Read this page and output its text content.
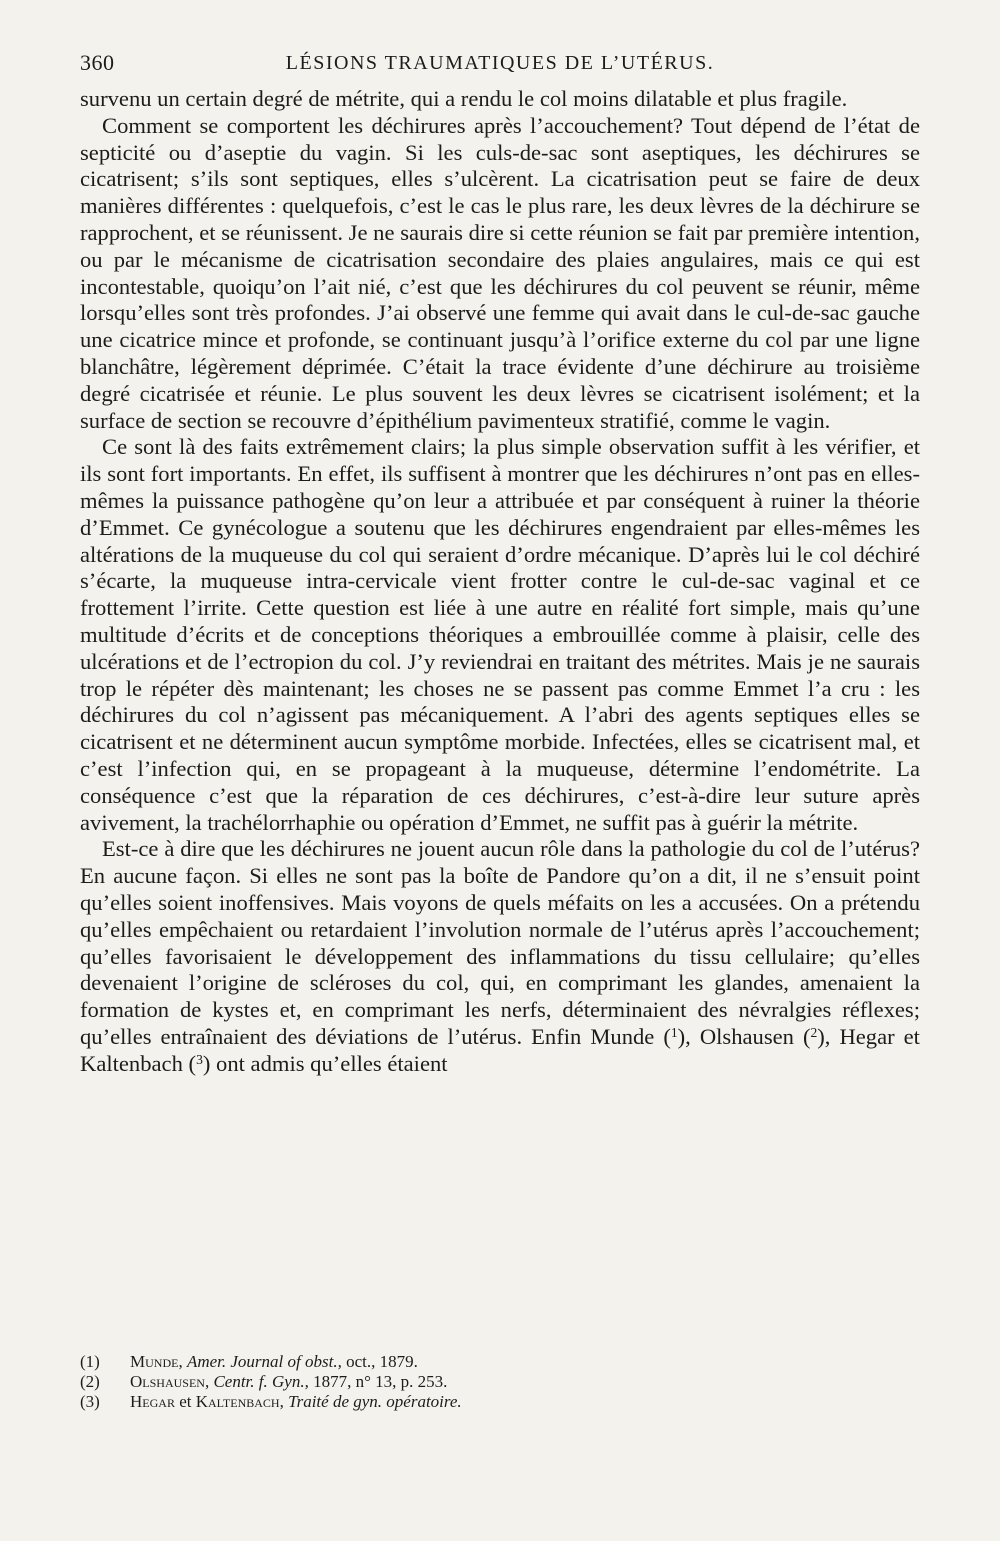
360	LÉSIONS TRAUMATIQUES DE L’UTÉRUS.

survenu un certain degré de métrite, qui a rendu le col moins dilatable et plus fragile.

Comment se comportent les déchirures après l’accouchement? Tout dépend de l’état de septicité ou d’aseptie du vagin. Si les culs-de-sac sont aseptiques, les déchirures se cicatrisent; s’ils sont septiques, elles s’ulcèrent. La cicatrisation peut se faire de deux manières différentes : quelquefois, c’est le cas le plus rare, les deux lèvres de la déchirure se rapprochent, et se réunissent. Je ne saurais dire si cette réunion se fait par première intention, ou par le mécanisme de cicatrisation secondaire des plaies angulaires, mais ce qui est incontestable, quoiqu’on l’ait nié, c’est que les déchirures du col peuvent se réunir, même lorsqu’elles sont très profondes. J’ai observé une femme qui avait dans le cul-de-sac gauche une cicatrice mince et profonde, se continuant jusqu’à l’orifice externe du col par une ligne blanchâtre, légèrement déprimée. C’était la trace évidente d’une déchirure au troisième degré cicatrisée et réunie. Le plus souvent les deux lèvres se cicatrisent isolément; et la surface de section se recouvre d’épithélium pavimenteux stratifié, comme le vagin.

Ce sont là des faits extrêmement clairs; la plus simple observation suffit à les vérifier, et ils sont fort importants. En effet, ils suffisent à montrer que les déchirures n’ont pas en elles-mêmes la puissance pathogène qu’on leur a attribuée et par conséquent à ruiner la théorie d’Emmet. Ce gynécologue a soutenu que les déchirures engendraient par elles-mêmes les altérations de la muqueuse du col qui seraient d’ordre mécanique. D’après lui le col déchiré s’écarte, la muqueuse intra-cervicale vient frotter contre le cul-de-sac vaginal et ce frottement l’irrite. Cette question est liée à une autre en réalité fort simple, mais qu’une multitude d’écrits et de conceptions théoriques a embrouillée comme à plaisir, celle des ulcérations et de l’ectropion du col. J’y reviendrai en traitant des métrites. Mais je ne saurais trop le répéter dès maintenant; les choses ne se passent pas comme Emmet l’a cru : les déchirures du col n’agissent pas mécaniquement. A l’abri des agents septiques elles se cicatrisent et ne déterminent aucun symptôme morbide. Infectées, elles se cicatrisent mal, et c’est l’infection qui, en se propageant à la muqueuse, détermine l’endométrite. La conséquence c’est que la réparation de ces déchirures, c’est-à-dire leur suture après avivement, la trachélorrhaphie ou opération d’Emmet, ne suffit pas à guérir la métrite.

Est-ce à dire que les déchirures ne jouent aucun rôle dans la pathologie du col de l’utérus? En aucune façon. Si elles ne sont pas la boîte de Pandore qu’on a dit, il ne s’ensuit point qu’elles soient inoffensives. Mais voyons de quels méfaits on les a accusées. On a prétendu qu’elles empêchaient ou retardaient l’involution normale de l’utérus après l’accouchement; qu’elles favorisaient le développement des inflammations du tissu cellulaire; qu’elles devenaient l’origine de scléroses du col, qui, en comprimant les glandes, amenaient la formation de kystes et, en comprimant les nerfs, déterminaient des névralgies réflexes; qu’elles entraînaient des déviations de l’utérus. Enfin Munde ($^1$), Olshausen ($^2$), Hegar et Kaltenbach ($^3$) ont admis qu’elles étaient

(1) Munde, Amer. Journal of obst., oct., 1879.
(2) Olshausen, Centr. f. Gyn., 1877, n° 13, p. 253.
(3) Hegar et Kaltenbach, Traité de gyn. opératoire.
